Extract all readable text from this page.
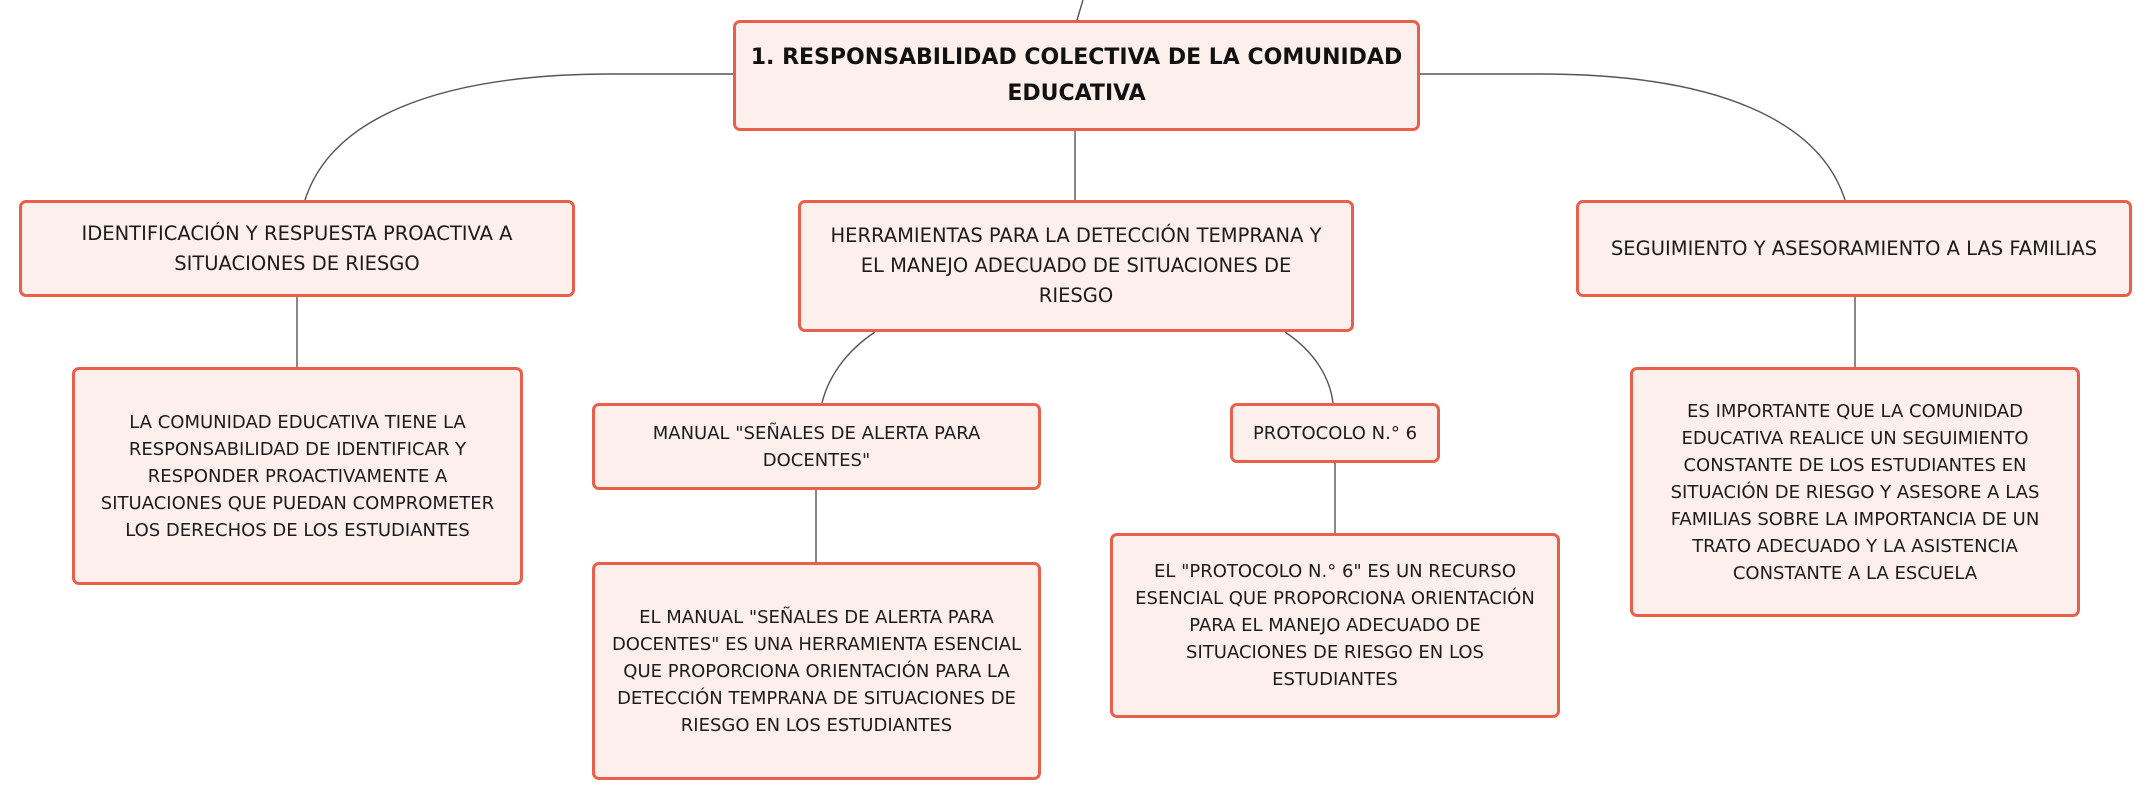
1. RESPONSABILIDAD COLECTIVA DE LA COMUNIDAD EDUCATIVA
IDENTIFICACIÓN Y RESPUESTA PROACTIVA A SITUACIONES DE RIESGO
HERRAMIENTAS PARA LA DETECCIÓN TEMPRANA Y EL MANEJO ADECUADO DE SITUACIONES DE RIESGO
SEGUIMIENTO Y ASESORAMIENTO A LAS FAMILIAS
LA COMUNIDAD EDUCATIVA TIENE LA RESPONSABILIDAD DE IDENTIFICAR Y RESPONDER PROACTIVAMENTE A SITUACIONES QUE PUEDAN COMPROMETER LOS DERECHOS DE LOS ESTUDIANTES
MANUAL "SEÑALES DE ALERTA PARA DOCENTES"
EL MANUAL "SEÑALES DE ALERTA PARA DOCENTES" ES UNA HERRAMIENTA ESENCIAL QUE PROPORCIONA ORIENTACIÓN PARA LA DETECCIÓN TEMPRANA DE SITUACIONES DE RIESGO EN LOS ESTUDIANTES
PROTOCOLO N.° 6
EL "PROTOCOLO N.° 6" ES UN RECURSO ESENCIAL QUE PROPORCIONA ORIENTACIÓN PARA EL MANEJO ADECUADO DE SITUACIONES DE RIESGO EN LOS ESTUDIANTES
ES IMPORTANTE QUE LA COMUNIDAD EDUCATIVA REALICE UN SEGUIMIENTO CONSTANTE DE LOS ESTUDIANTES EN SITUACIÓN DE RIESGO Y ASESORE A LAS FAMILIAS SOBRE LA IMPORTANCIA DE UN TRATO ADECUADO Y LA ASISTENCIA CONSTANTE A LA ESCUELA
